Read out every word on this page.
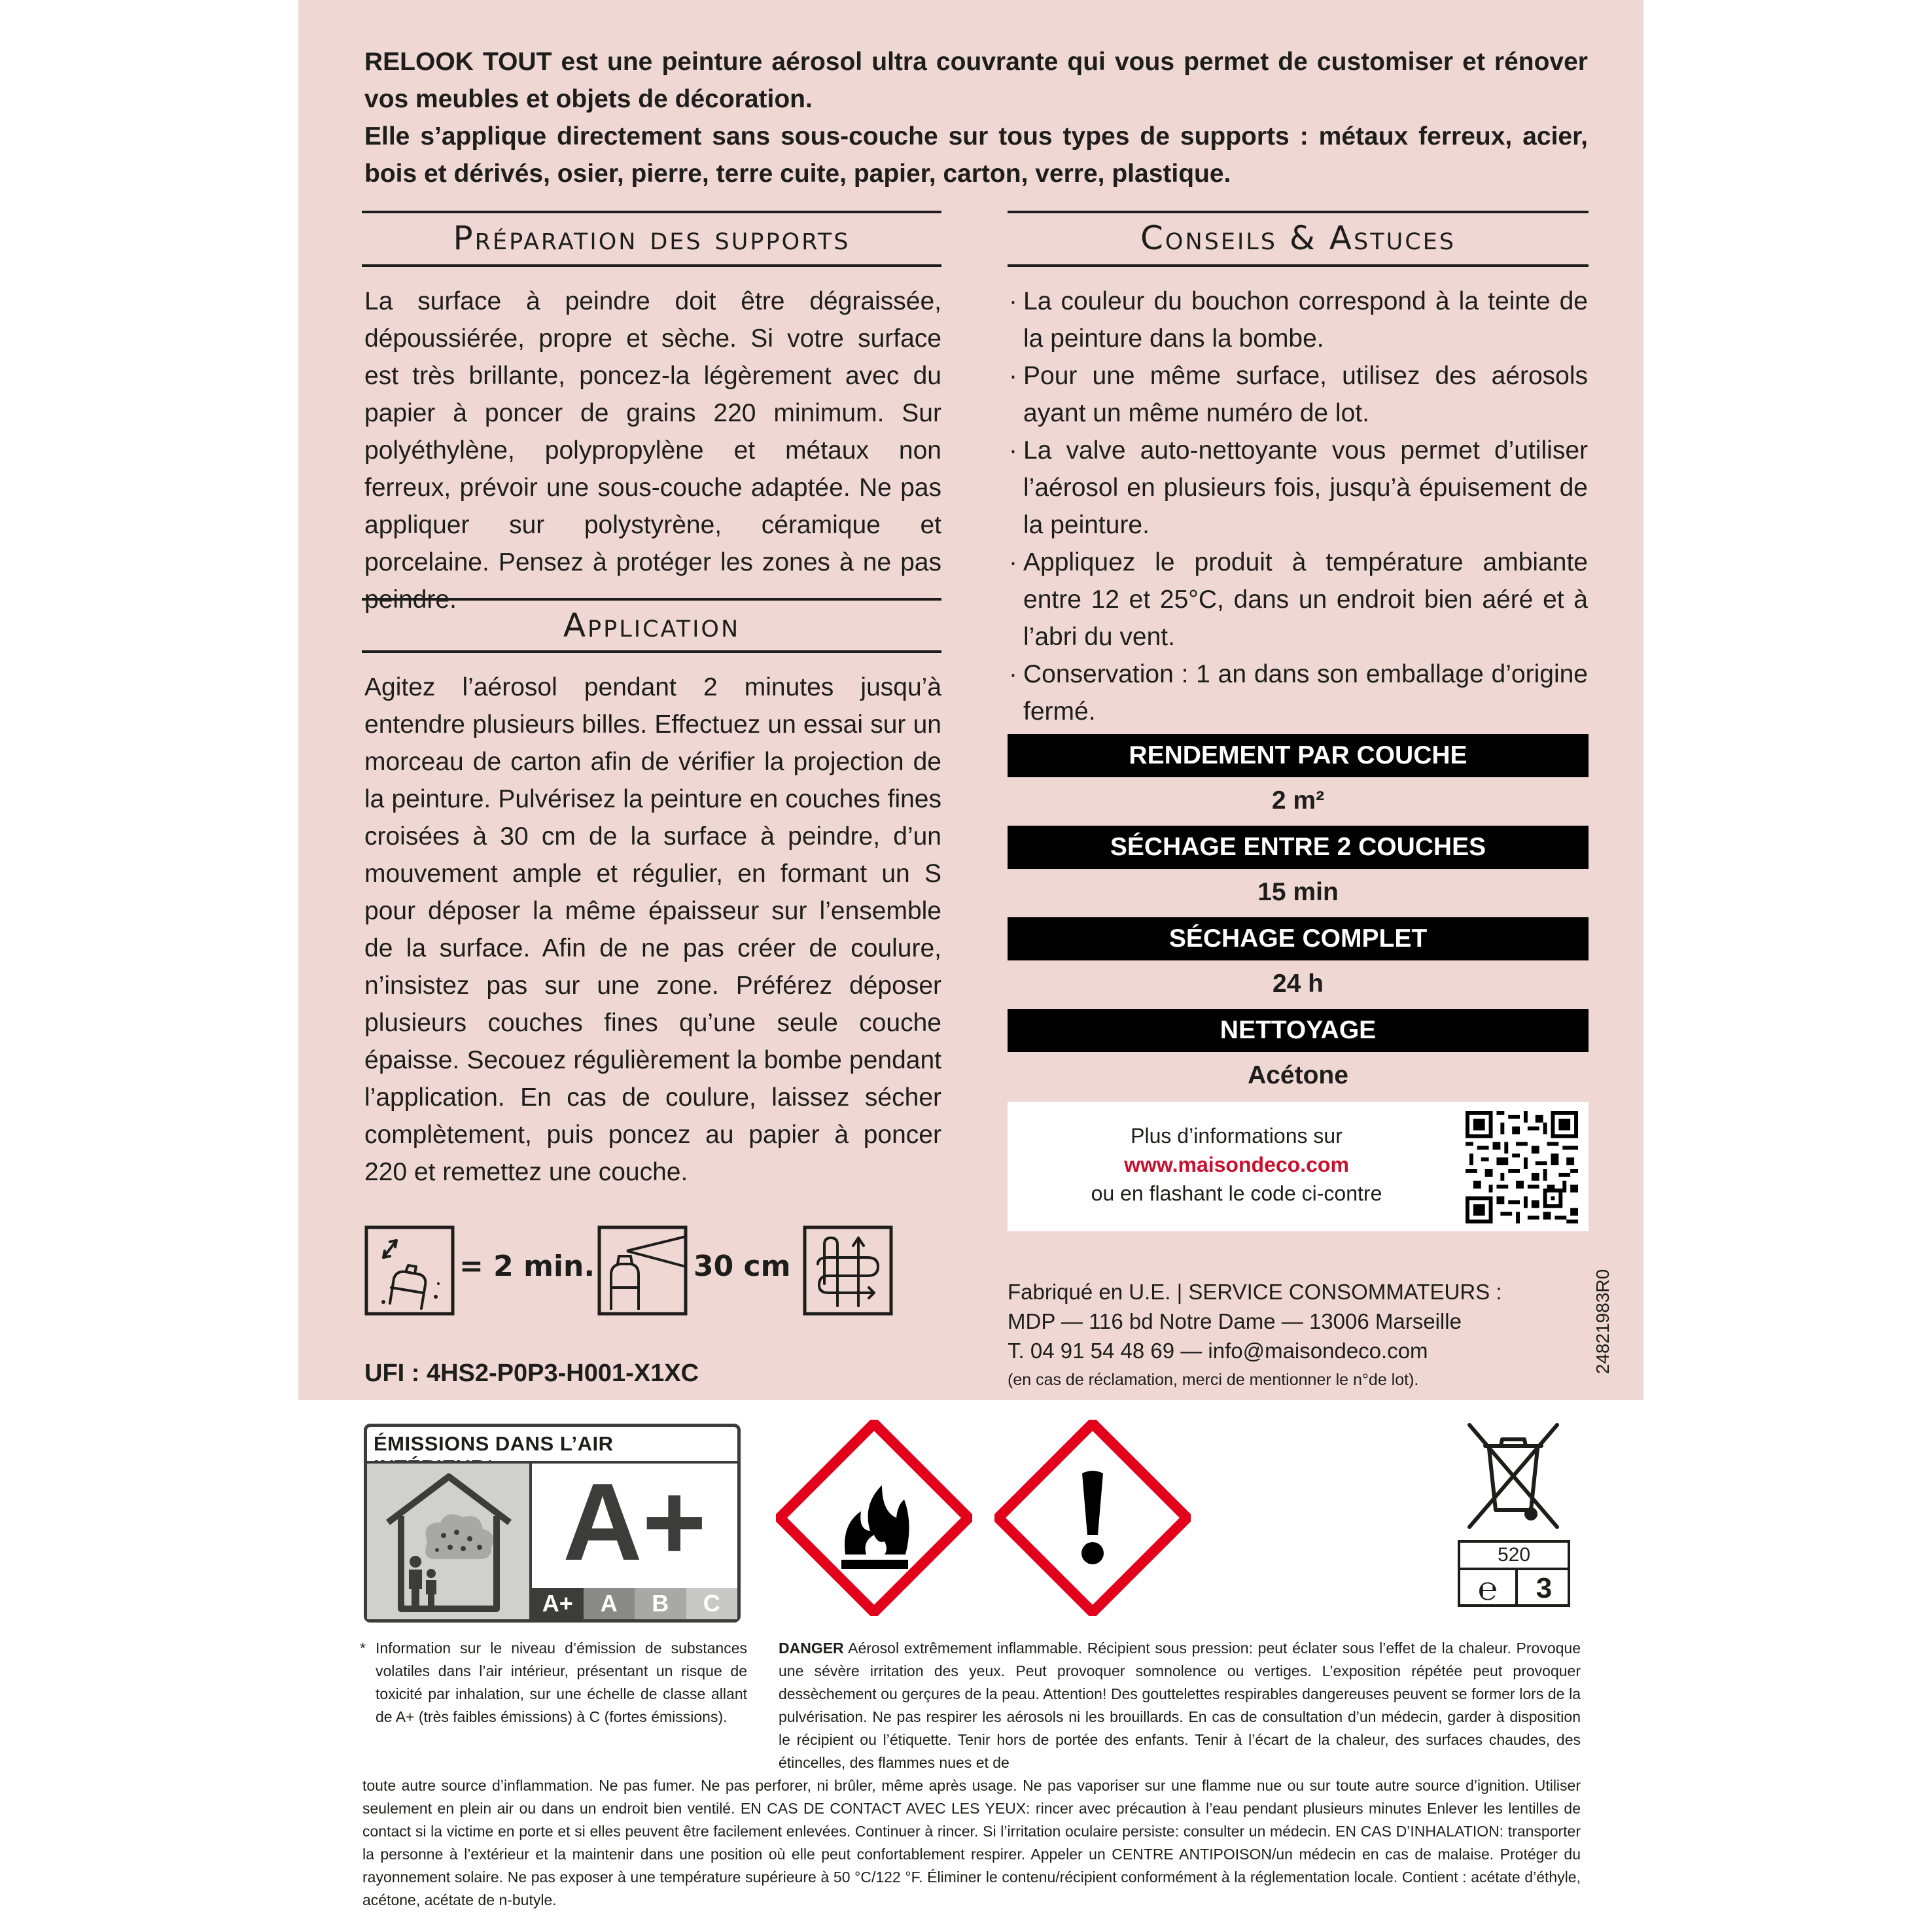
RELOOK TOUT est une peinture aérosol ultra couvrante qui vous permet de customiser et rénover vos meubles et objets de décoration.
Elle s’applique directement sans sous-couche sur tous types de supports : métaux ferreux, acier, bois et dérivés, osier, pierre, terre cuite, papier, carton, verre, plastique.

Préparation des supports

La surface à peindre doit être dégraissée, dépoussiérée, propre et sèche. Si votre surface est très brillante, poncez-la légèrement avec du papier à poncer de grains 220 minimum. Sur polyéthylène, polypropylène et métaux non ferreux, prévoir une sous-couche adaptée. Ne pas appliquer sur polystyrène, céramique et porcelaine. Pensez à protéger les zones à ne pas peindre.

Application

Agitez l’aérosol pendant 2 minutes jusqu’à entendre plusieurs billes. Effectuez un essai sur un morceau de carton afin de vérifier la projection de la peinture. Pulvérisez la peinture en couches fines croisées à 30 cm de la surface à peindre, d’un mouvement ample et régulier, en formant un S pour déposer la même épaisseur sur l’ensemble de la surface. Afin de ne pas créer de coulure, n’insistez pas sur une zone. Préférez déposer plusieurs couches fines qu’une seule couche épaisse. Secouez régulièrement la bombe pendant l’application. En cas de coulure, laissez sécher complètement, puis poncez au papier à poncer 220 et remettez une couche.

Conseils & Astuces
· La couleur du bouchon correspond à la teinte de la peinture dans la bombe.
· Pour une même surface, utilisez des aérosols ayant un même numéro de lot.
· La valve auto-nettoyante vous permet d’utiliser l’aérosol en plusieurs fois, jusqu’à épuisement de la peinture.
· Appliquez le produit à température ambiante entre 12 et 25°C, dans un endroit bien aéré et à l’abri du vent.
· Conservation : 1 an dans son emballage d’origine fermé.
RENDEMENT PAR COUCHE
2 m²
SÉCHAGE ENTRE 2 COUCHES
15 min
SÉCHAGE COMPLET
24 h
NETTOYAGE
Acétone
Plus d’informations sur
www.maisondeco.com
ou en flashant le code ci-contre
= 2 min.	30 cm
UFI : 4HS2-P0P3-H001-X1XC
Fabriqué en U.E. | SERVICE CONSOMMATEURS :
MDP — 116 bd Notre Dame — 13006 Marseille
T. 04 91 54 48 69 — info@maisondeco.com
(en cas de réclamation, merci de mentionner le n°de lot).
24821983R0
ÉMISSIONS DANS L’AIR
A+
A+	A	B	C
520
℮	3
* Information sur le niveau d’émission de substances volatiles dans l’air intérieur, présentant un risque de toxicité par inhalation, sur une échelle de classe allant de A+ (très faibles émissions) à C (fortes émissions).

DANGER Aérosol extrêmement inflammable. Récipient sous pression: peut éclater sous l’effet de la chaleur. Provoque une sévère irritation des yeux. Peut provoquer somnolence ou vertiges. L’exposition répétée peut provoquer dessèchement ou gerçures de la peau. Attention! Des gouttelettes respirables dangereuses peuvent se former lors de la pulvérisation. Ne pas respirer les aérosols ni les brouillards. En cas de consultation d’un médecin, garder à disposition le récipient ou l’étiquette. Tenir hors de portée des enfants. Tenir à l’écart de la chaleur, des surfaces chaudes, des étincelles, des flammes nues et de

toute autre source d’inflammation. Ne pas fumer. Ne pas perforer, ni brûler, même après usage. Ne pas vaporiser sur une flamme nue ou sur toute autre source d’ignition. Utiliser seulement en plein air ou dans un endroit bien ventilé. EN CAS DE CONTACT AVEC LES YEUX: rincer avec précaution à l’eau pendant plusieurs minutes Enlever les lentilles de contact si la victime en porte et si elles peuvent être facilement enlevées. Continuer à rincer. Si l’irritation oculaire persiste: consulter un médecin. EN CAS D’INHALATION: transporter la personne à l’extérieur et la maintenir dans une position où elle peut confortablement respirer. Appeler un CENTRE ANTIPOISON/un médecin en cas de malaise. Protéger du rayonnement solaire. Ne pas exposer à une température supérieure à 50 °C/122 °F. Éliminer le contenu/récipient conformément à la réglementation locale. Contient : acétate d’éthyle, acétone, acétate de n-butyle.
